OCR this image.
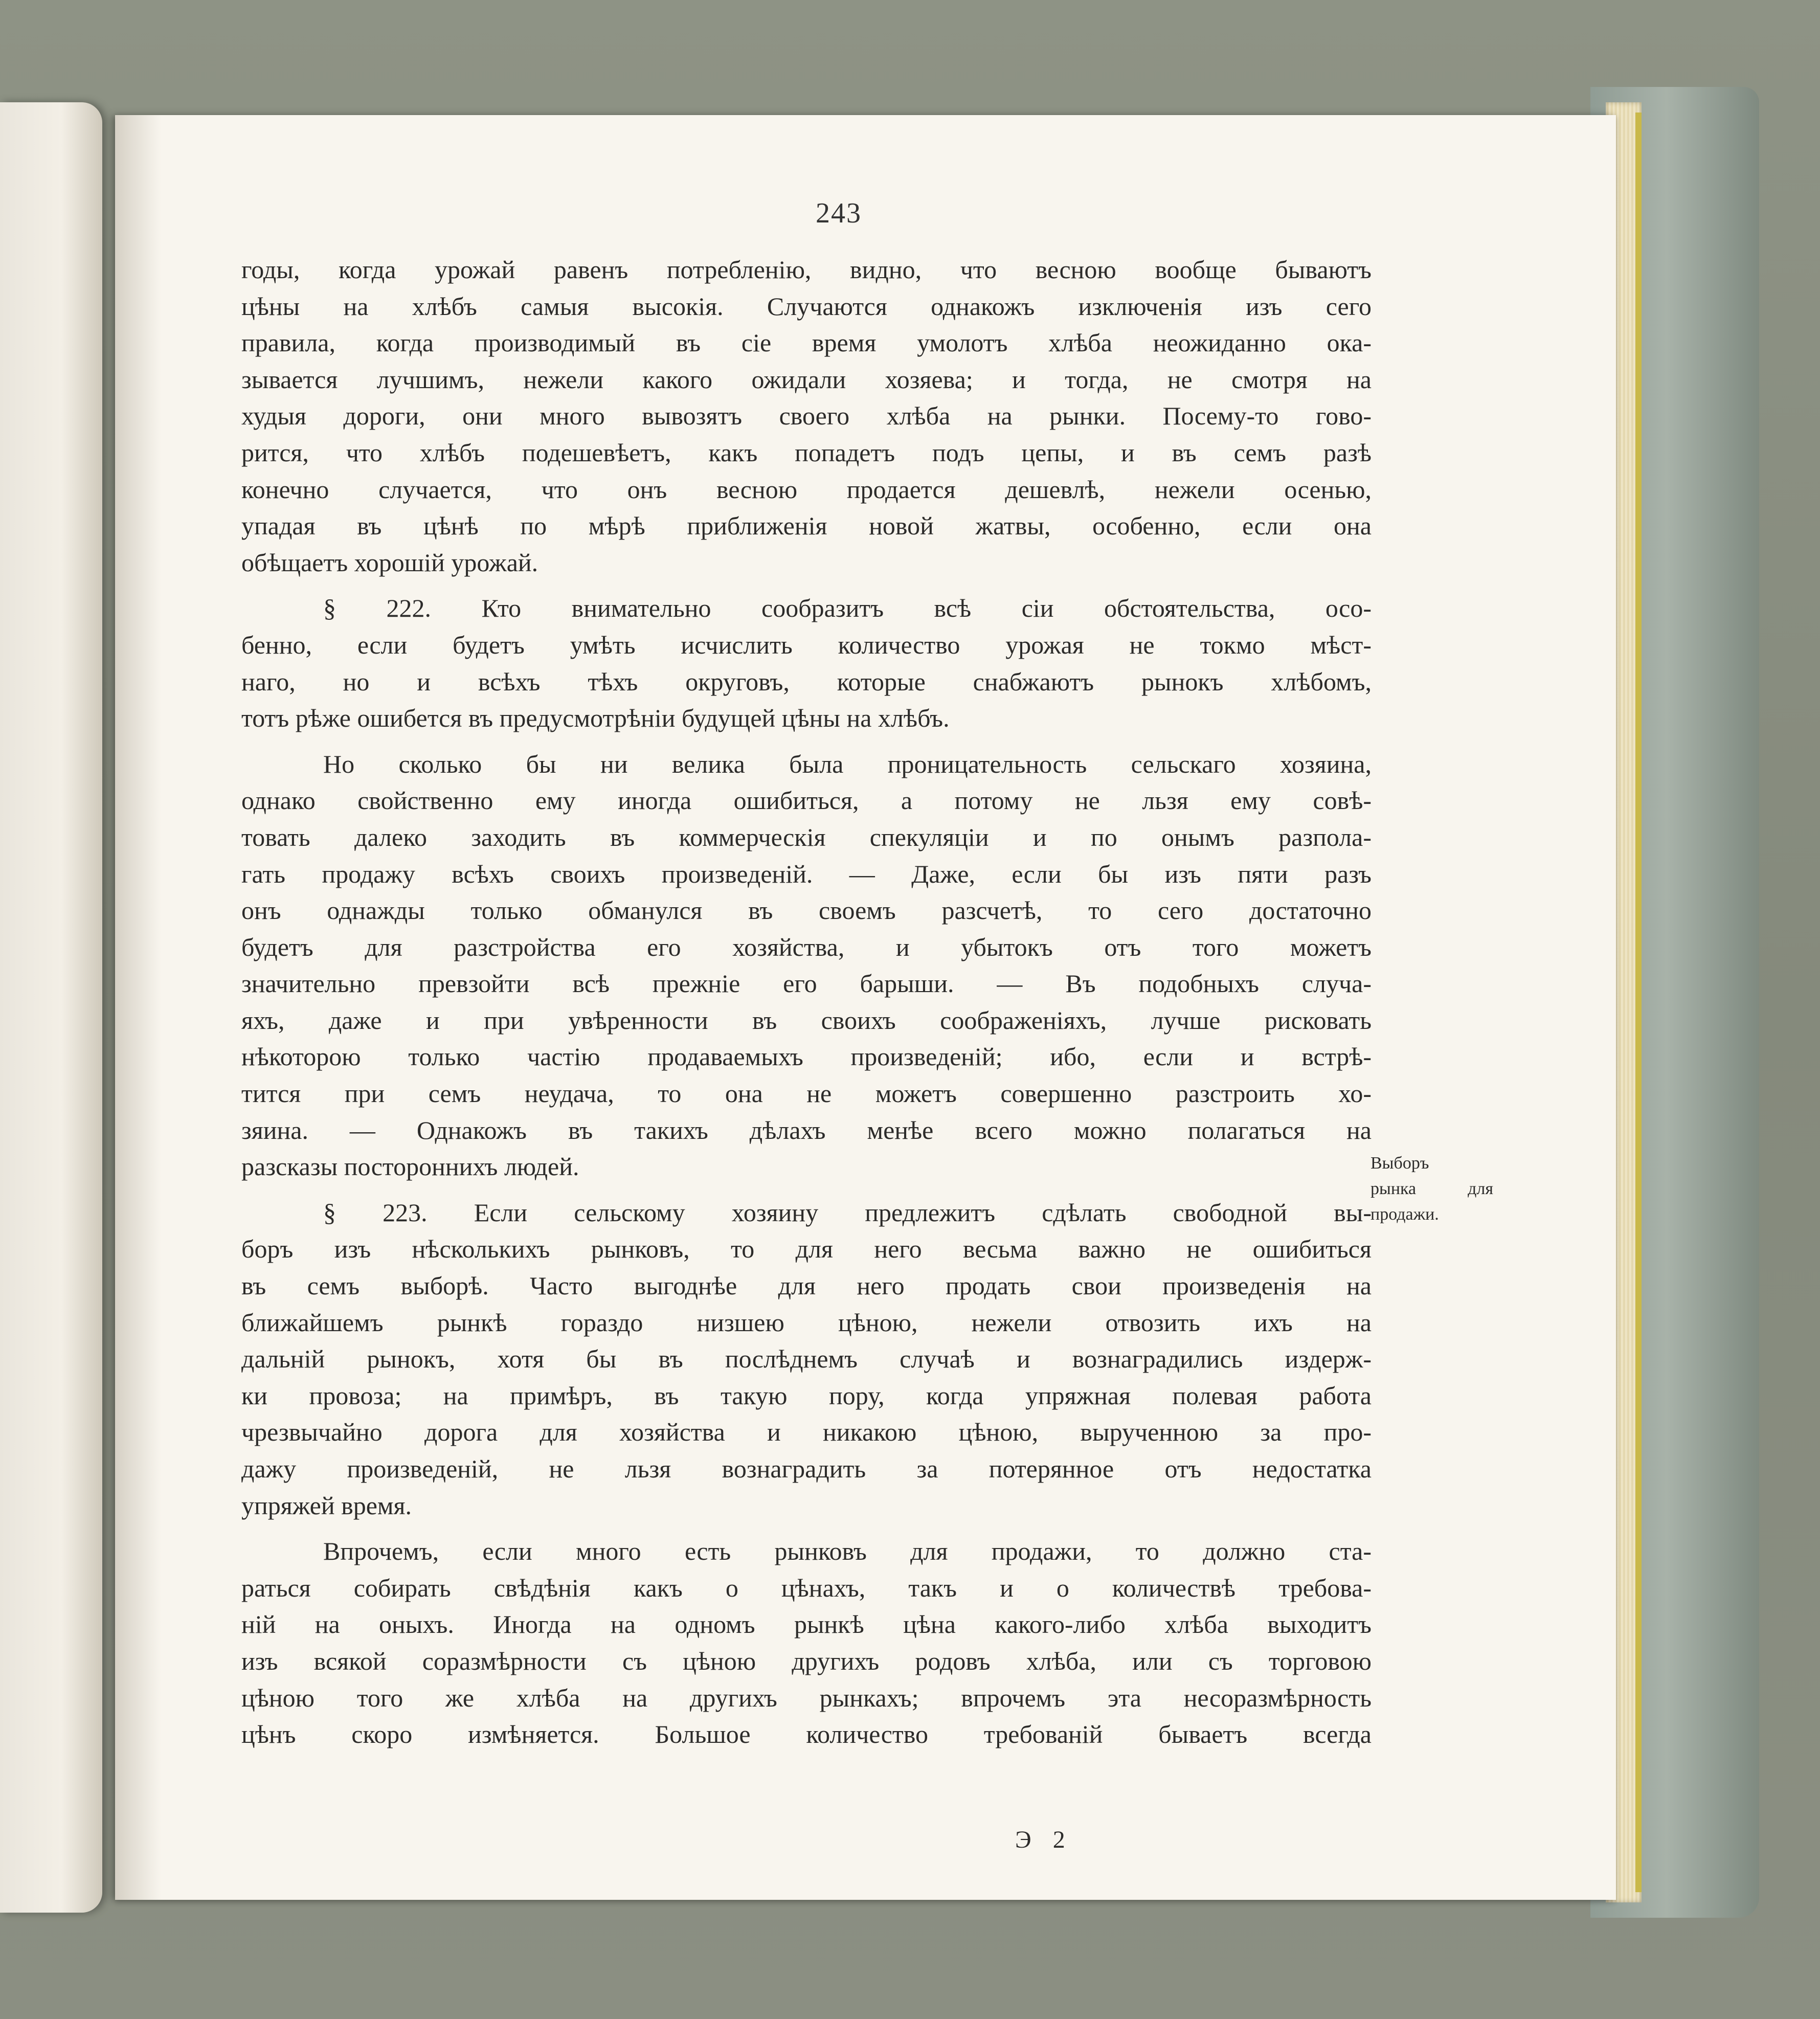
243
годы, когда урожай равенъ потребленію, видно, что весною вообще бываютъ
цѣны на хлѣбъ самыя высокія. Случаются однакожъ изключенія изъ сего
правила, когда производимый въ сіе время умолотъ хлѣба неожиданно ока-
зывается лучшимъ, нежели какого ожидали хозяева; и тогда, не смотря на
худыя дороги, они много вывозятъ своего хлѣба на рынки. Посему-то гово-
рится, что хлѣбъ подешевѣетъ, какъ попадетъ подъ цепы, и въ семъ разѣ
конечно случается, что онъ весною продается дешевлѣ, нежели осенью,
упадая въ цѣнѣ по мѣрѣ приближенія новой жатвы, особенно, если она
обѣщаетъ хорошій урожай.
§ 222. Кто внимательно сообразитъ всѣ сіи обстоятельства, осо-
бенно, если будетъ умѣть исчислить количество урожая не токмо мѣст-
наго, но и всѣхъ тѣхъ округовъ, которые снабжаютъ рынокъ хлѣбомъ,
тотъ рѣже ошибется въ предусмотрѣніи будущей цѣны на хлѣбъ.
Но сколько бы ни велика была проницательность сельскаго хозяина,
однако свойственно ему иногда ошибиться, а потому не льзя ему совѣ-
товать далеко заходить въ коммерческія спекуляціи и по онымъ разпола-
гать продажу всѣхъ своихъ произведеній. — Даже, если бы изъ пяти разъ
онъ однажды только обманулся въ своемъ разсчетѣ, то сего достаточно
будетъ для разстройства его хозяйства, и убытокъ отъ того можетъ
значительно превзойти всѣ прежніе его барыши. — Въ подобныхъ случа-
яхъ, даже и при увѣренности въ своихъ соображеніяхъ, лучше рисковать
нѣкоторою только частію продаваемыхъ произведеній; ибо, если и встрѣ-
тится при семъ неудача, то она не можетъ совершенно разстроить хо-
зяина. — Однакожъ въ такихъ дѣлахъ менѣе всего можно полагаться на
разсказы постороннихъ людей.
§ 223. Если сельскому хозяину предлежитъ сдѣлать свободной вы-
боръ изъ нѣсколькихъ рынковъ, то для него весьма важно не ошибиться
въ семъ выборѣ. Часто выгоднѣе для него продать свои произведенія на
ближайшемъ рынкѣ гораздо низшею цѣною, нежели отвозить ихъ на
дальній рынокъ, хотя бы въ послѣднемъ случаѣ и вознаградились издерж-
ки провоза; на примѣръ, въ такую пору, когда упряжная полевая работа
чрезвычайно дорога для хозяйства и никакою цѣною, вырученною за про-
дажу произведеній, не льзя вознаградить за потерянное отъ недостатка
упряжей время.
Впрочемъ, если много есть рынковъ для продажи, то должно ста-
раться собирать свѣдѣнія какъ о цѣнахъ, такъ и о количествѣ требова-
ній на оныхъ. Иногда на одномъ рынкѣ цѣна какого-либо хлѣба выходитъ
изъ всякой соразмѣрности съ цѣною другихъ родовъ хлѣба, или съ торговою
цѣною того же хлѣба на другихъ рынкахъ; впрочемъ эта несоразмѣрность
цѣнъ скоро измѣняется. Большое количество требованій бываетъ всегда
Выборъ
рынка для
продажи.
Э 2
